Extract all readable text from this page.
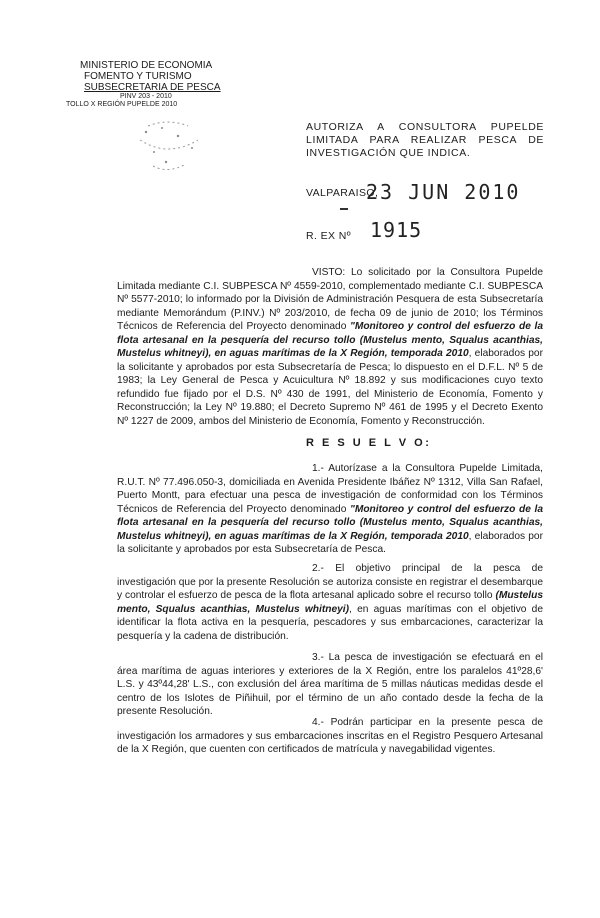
MINISTERIO DE ECONOMIA
FOMENTO Y TURISMO
SUBSECRETARIA DE PESCA
PINV 203 - 2010
TOLLO X REGIÓN PUPELDE 2010
AUTORIZA A CONSULTORA PUPELDE LIMITADA PARA REALIZAR PESCA DE INVESTIGACIÓN QUE INDICA.
VALPARAISO,
23 JUN 2010
R. EX Nº 1915
VISTO: Lo solicitado por la Consultora Pupelde Limitada mediante C.I. SUBPESCA Nº 4559-2010, complementado mediante C.I. SUBPESCA Nº 5577-2010; lo informado por la División de Administración Pesquera de esta Subsecretaría mediante Memorándum (P.INV.) Nº 203/2010, de fecha 09 de junio de 2010; los Términos Técnicos de Referencia del Proyecto denominado "Monitoreo y control del esfuerzo de la flota artesanal en la pesquería del recurso tollo (Mustelus mento, Squalus acanthias, Mustelus whitneyi), en aguas marítimas de la X Región, temporada 2010, elaborados por la solicitante y aprobados por esta Subsecretaría de Pesca; lo dispuesto en el D.F.L. Nº 5 de 1983; la Ley General de Pesca y Acuicultura Nº 18.892 y sus modificaciones cuyo texto refundido fue fijado por el D.S. Nº 430 de 1991, del Ministerio de Economía, Fomento y Reconstrucción; la Ley Nº 19.880; el Decreto Supremo Nº 461 de 1995 y el Decreto Exento Nº 1227 de 2009, ambos del Ministerio de Economía, Fomento y Reconstrucción.
R E S U E L V O:
1.- Autorízase a la Consultora Pupelde Limitada, R.U.T. Nº 77.496.050-3, domiciliada en Avenida Presidente Ibáñez Nº 1312, Villa San Rafael, Puerto Montt, para efectuar una pesca de investigación de conformidad con los Términos Técnicos de Referencia del Proyecto denominado "Monitoreo y control del esfuerzo de la flota artesanal en la pesquería del recurso tollo (Mustelus mento, Squalus acanthias, Mustelus whitneyi), en aguas marítimas de la X Región, temporada 2010, elaborados por la solicitante y aprobados por esta Subsecretaría de Pesca.
2.- El objetivo principal de la pesca de investigación que por la presente Resolución se autoriza consiste en registrar el desembarque y controlar el esfuerzo de pesca de la flota artesanal aplicado sobre el recurso tollo (Mustelus mento, Squalus acanthias, Mustelus whitneyi), en aguas marítimas con el objetivo de identificar la flota activa en la pesquería, pescadores y sus embarcaciones, caracterizar la pesquería y la cadena de distribución.
3.- La pesca de investigación se efectuará en el área marítima de aguas interiores y exteriores de la X Región, entre los paralelos 41º28,6' L.S. y 43º44,28' L.S., con exclusión del área marítima de 5 millas náuticas medidas desde el centro de los Islotes de Piñihuil, por el término de un año contado desde la fecha de la presente Resolución.
4.- Podrán participar en la presente pesca de investigación los armadores y sus embarcaciones inscritas en el Registro Pesquero Artesanal de la X Región, que cuenten con certificados de matrícula y navegabilidad vigentes.
